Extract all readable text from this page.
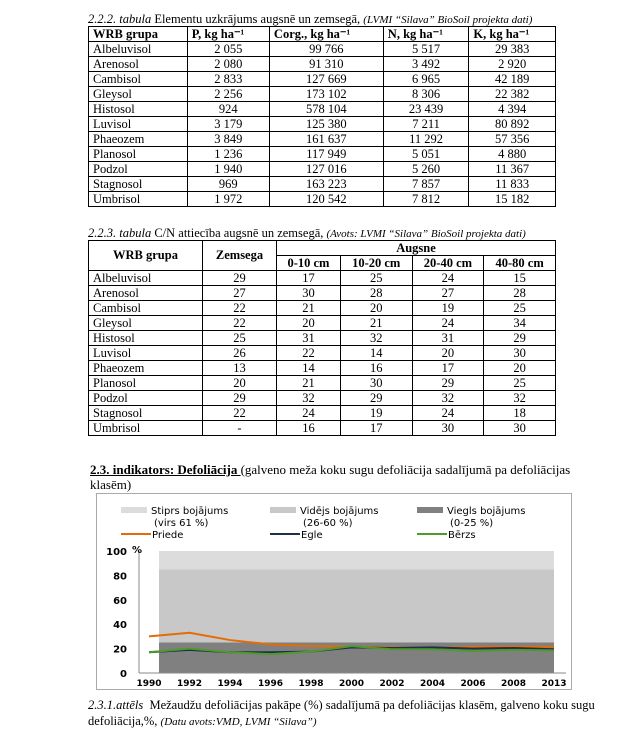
2.2.2. tabula Elementu uzkrājums augsnē un zemsegā, (LVMI “Silava” BioSoil projekta dati)
WRB grupa	P, kg ha⁻¹	Corg., kg ha⁻¹	N, kg ha⁻¹	K, kg ha⁻¹
Albeluvisol	2 055	99 766	5 517	29 383
Arenosol	2 080	91 310	3 492	2 920
Cambisol	2 833	127 669	6 965	42 189
Gleysol	2 256	173 102	8 306	22 382
Histosol	924	578 104	23 439	4 394
Luvisol	3 179	125 380	7 211	80 892
Phaeozem	3 849	161 637	11 292	57 356
Planosol	1 236	117 949	5 051	4 880
Podzol	1 940	127 016	5 260	11 367
Stagnosol	969	163 223	7 857	11 833
Umbrisol	1 972	120 542	7 812	15 182
2.2.3. tabula C/N attiecība augsnē un zemsegā, (Avots: LVMI “Silava” BioSoil projekta dati)
WRB grupa	Zemsega	Augsne			
		0-10 cm	10-20 cm	20-40 cm	40-80 cm
Albeluvisol	29	17	25	24	15
Arenosol	27	30	28	27	28
Cambisol	22	21	20	19	25
Gleysol	22	20	21	24	34
Histosol	25	31	32	31	29
Luvisol	26	22	14	20	30
Phaeozem	13	14	16	17	20
Planosol	20	21	30	29	25
Podzol	29	32	29	32	32
Stagnosol	22	24	19	24	18
Umbrisol	-	16	17	30	30
2.3. indikators: Defoliācija (galveno meža koku sugu defoliācija sadalījumā pa defoliācijas klasēm)
Stiprs bojājums
(virs 61 %)
Vidējs bojājums
(26-60 %)
Viegls bojājums
(0-25 %)
Priede	Egle	Bērzs
0
20
40
60
80
100 %
1990 1992 1994 1996 1998 2000 2002 2004 2006 2008 2013
2.3.1.attēls Mežaudžu defoliācijas pakāpe (%) sadalījumā pa defoliācijas klasēm, galveno koku sugu defoliācija,%, (Datu avots:VMD, LVMI “Silava”)
